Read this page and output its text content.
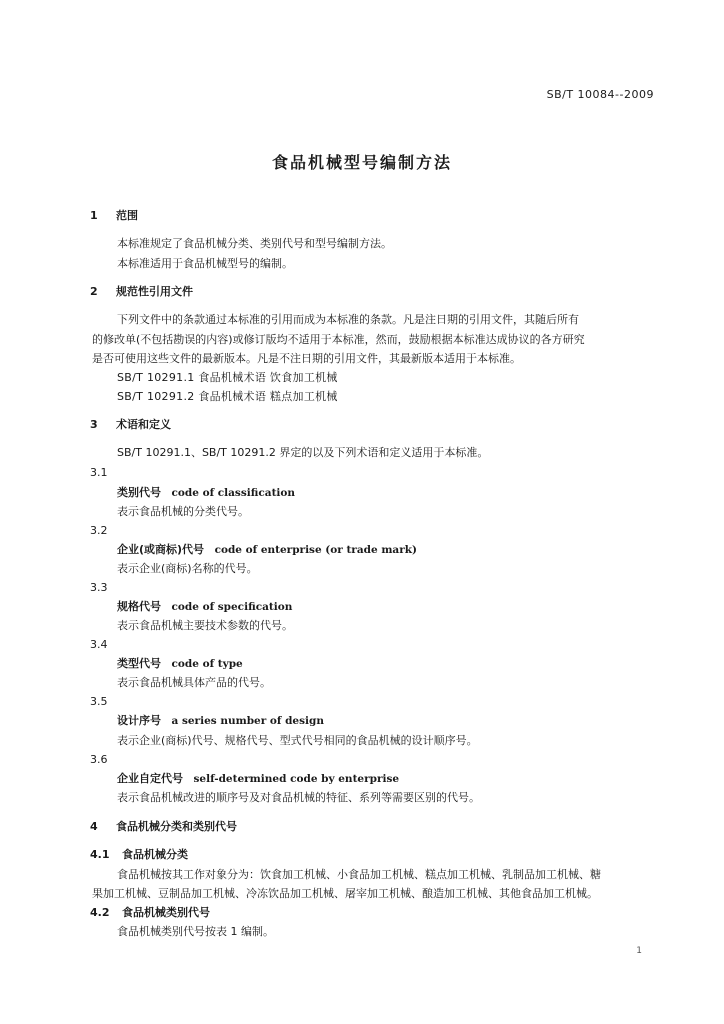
SB/T 10084--2009
食品机械型号编制方法
1 范围
本标准规定了食品机械分类、类别代号和型号编制方法。
本标准适用于食品机械型号的编制。
2 规范性引用文件
下列文件中的条款通过本标准的引用而成为本标准的条款。凡是注日期的引用文件，其随后所有
的修改单(不包括勘误的内容)或修订版均不适用于本标准，然而，鼓励根据本标准达成协议的各方研究
是否可使用这些文件的最新版本。凡是不注日期的引用文件，其最新版本适用于本标准。
SB/T 10291.1 食品机械术语 饮食加工机械
SB/T 10291.2 食品机械术语 糕点加工机械
3 术语和定义
SB/T 10291.1、SB/T 10291.2 界定的以及下列术语和定义适用于本标准。
3.1
类别代号 code of classification
表示食品机械的分类代号。
3.2
企业(或商标)代号 code of enterprise (or trade mark)
表示企业(商标)名称的代号。
3.3
规格代号 code of specification
表示食品机械主要技术参数的代号。
3.4
类型代号 code of type
表示食品机械具体产品的代号。
3.5
设计序号 a series number of design
表示企业(商标)代号、规格代号、型式代号相同的食品机械的设计顺序号。
3.6
企业自定代号 self-determined code by enterprise
表示食品机械改进的顺序号及对食品机械的特征、系列等需要区别的代号。
4 食品机械分类和类别代号
4.1 食品机械分类
食品机械按其工作对象分为：饮食加工机械、小食品加工机械、糕点加工机械、乳制品加工机械、糖
果加工机械、豆制品加工机械、冷冻饮品加工机械、屠宰加工机械、酿造加工机械、其他食品加工机械。
4.2 食品机械类别代号
食品机械类别代号按表 1 编制。
1
